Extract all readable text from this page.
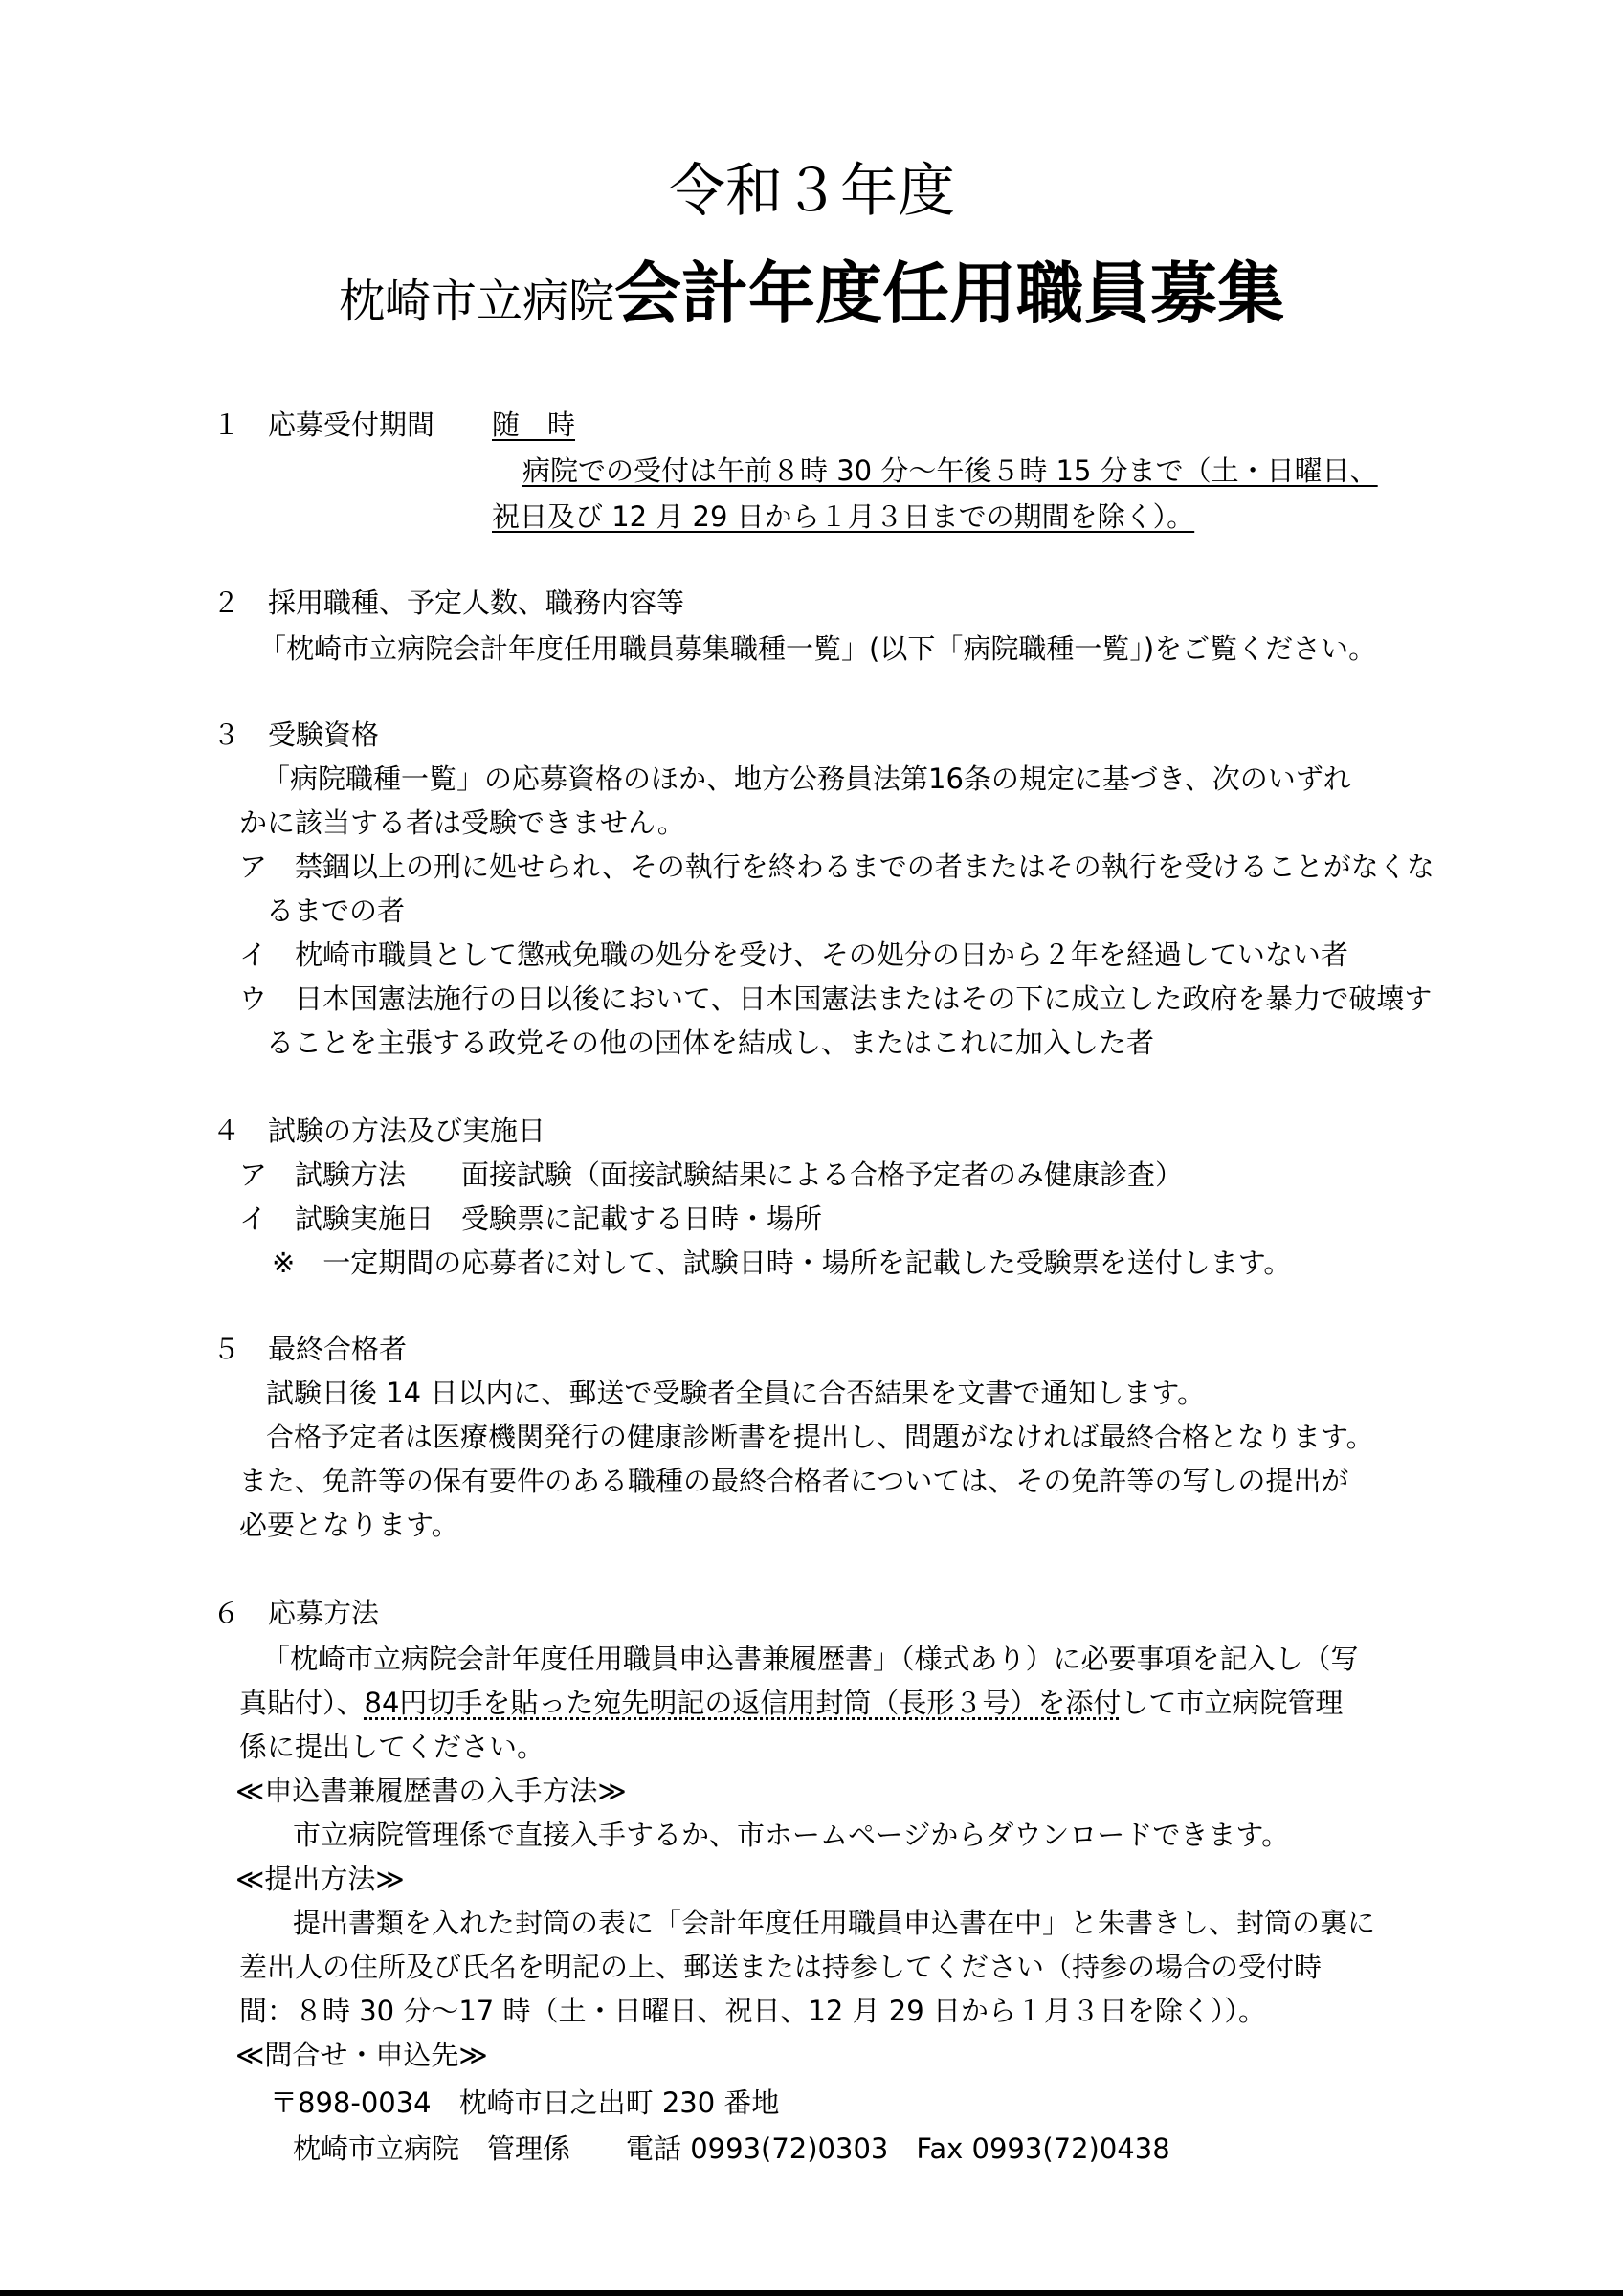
令和３年度
枕崎市立病院会計年度任用職員募集
１　応募受付期間 随　時
病院での受付は午前８時 30 分～午後５時 15 分まで（土・日曜日、
祝日及び 12 月 29 日から１月３日までの期間を除く）。
２　採用職種、予定人数、職務内容等
「枕崎市立病院会計年度任用職員募集職種一覧」(以下「病院職種一覧」)をご覧ください。
３　受験資格
「病院職種一覧」の応募資格のほか、地方公務員法第16条の規定に基づき、次のいずれ
かに該当する者は受験できません。
ア　禁錮以上の刑に処せられ、その執行を終わるまでの者またはその執行を受けることがなくな
るまでの者
イ　枕崎市職員として懲戒免職の処分を受け、その処分の日から２年を経過していない者
ウ　日本国憲法施行の日以後において、日本国憲法またはその下に成立した政府を暴力で破壊す
ることを主張する政党その他の団体を結成し、またはこれに加入した者
４　試験の方法及び実施日
ア　試験方法　　面接試験（面接試験結果による合格予定者のみ健康診査）
イ　試験実施日　受験票に記載する日時・場所
※　一定期間の応募者に対して、試験日時・場所を記載した受験票を送付します。
５　最終合格者
試験日後 14 日以内に、郵送で受験者全員に合否結果を文書で通知します。
合格予定者は医療機関発行の健康診断書を提出し、問題がなければ最終合格となります。
また、免許等の保有要件のある職種の最終合格者については、その免許等の写しの提出が
必要となります。
６　応募方法
「枕崎市立病院会計年度任用職員申込書兼履歴書」（様式あり）に必要事項を記入し（写
真貼付）、84円切手を貼った宛先明記の返信用封筒（長形３号）を添付して市立病院管理
係に提出してください。
≪申込書兼履歴書の入手方法≫
市立病院管理係で直接入手するか、市ホームページからダウンロードできます。
≪提出方法≫
提出書類を入れた封筒の表に「会計年度任用職員申込書在中」と朱書きし、封筒の裏に
差出人の住所及び氏名を明記の上、郵送または持参してください（持参の場合の受付時
間：８時 30 分～17 時（土・日曜日、祝日、12 月 29 日から１月３日を除く））。
≪問合せ・申込先≫
〒898-0034　枕崎市日之出町 230 番地
枕崎市立病院　管理係　　電話 0993(72)0303　Fax 0993(72)0438
